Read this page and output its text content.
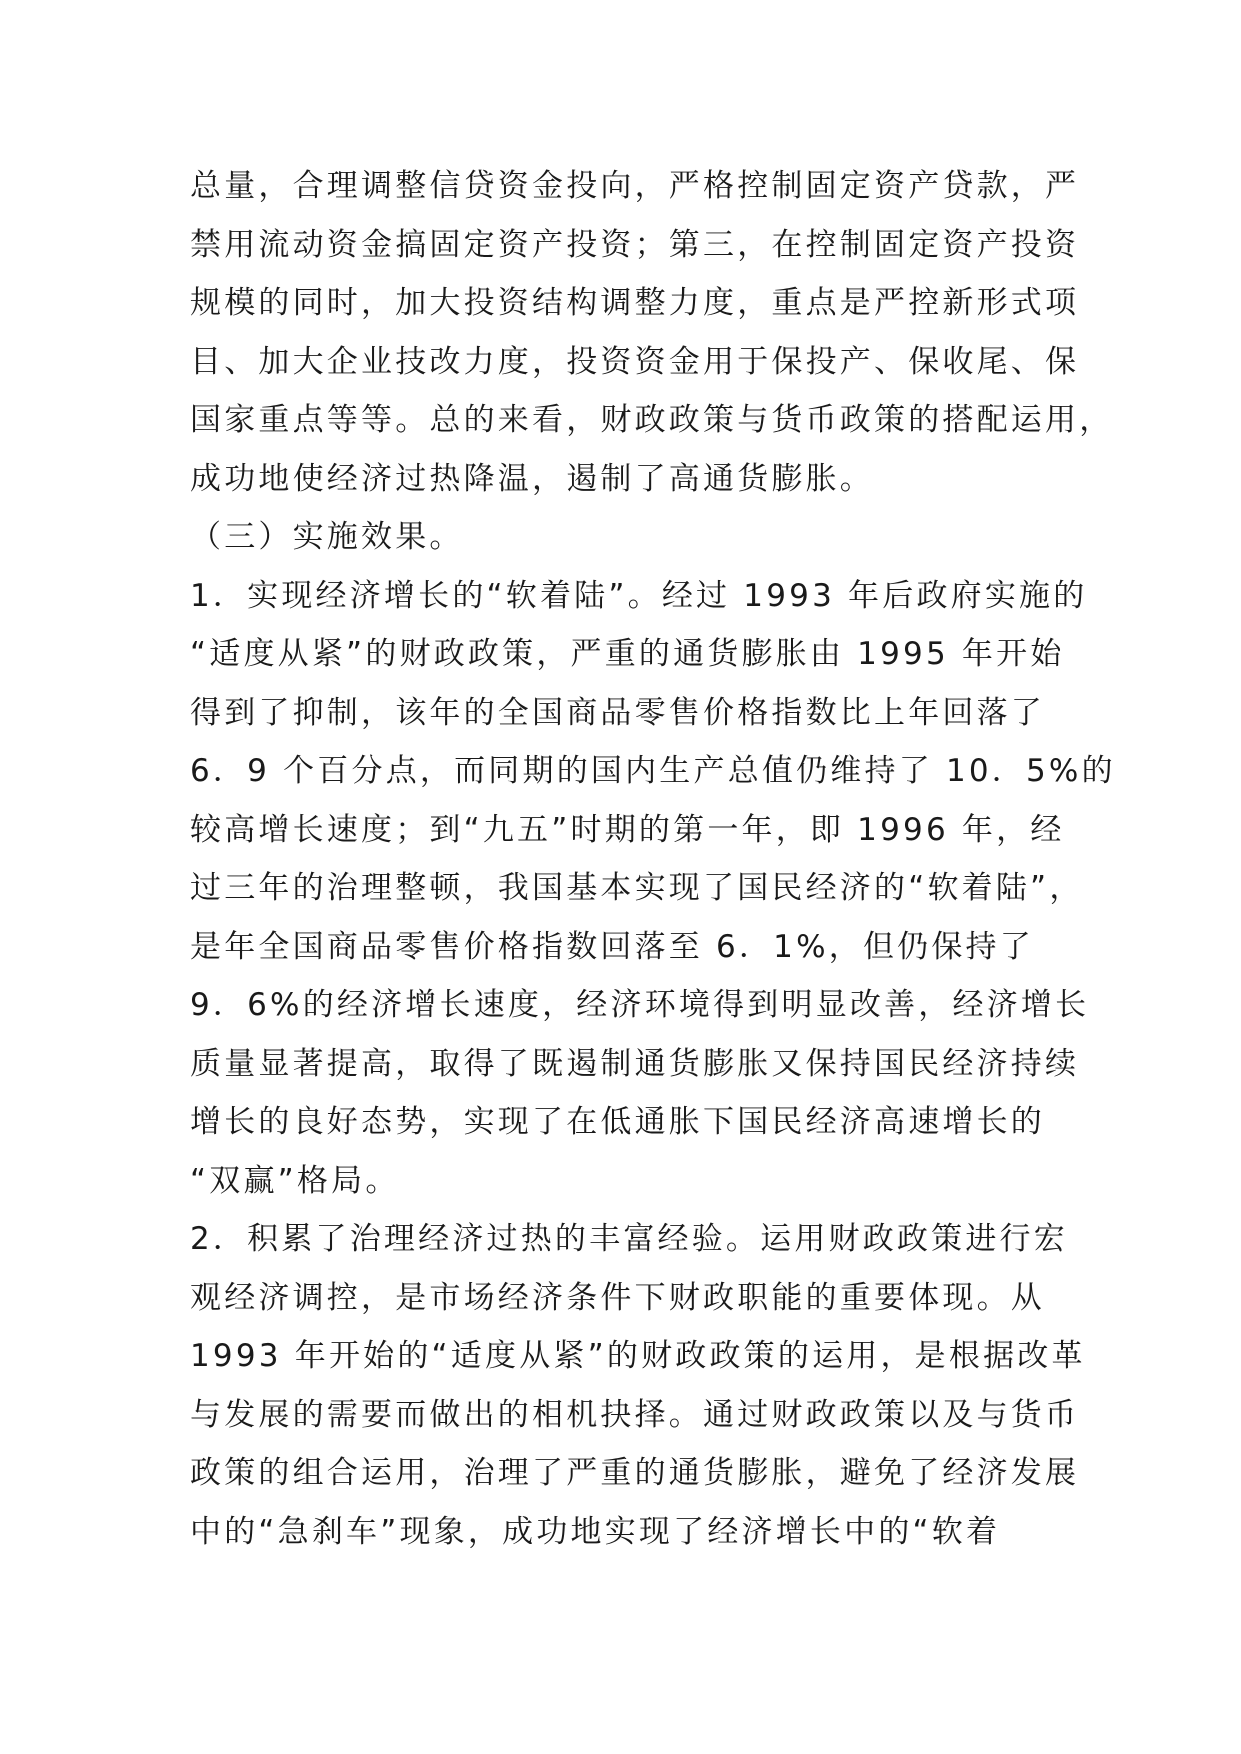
总量，合理调整信贷资金投向，严格控制固定资产贷款，严
禁用流动资金搞固定资产投资；第三，在控制固定资产投资
规模的同时，加大投资结构调整力度，重点是严控新形式项
目、加大企业技改力度，投资资金用于保投产、保收尾、保
国家重点等等。总的来看，财政政策与货币政策的搭配运用，
成功地使经济过热降温，遏制了高通货膨胀。
（三）实施效果。
1．实现经济增长的“软着陆”。经过 1993 年后政府实施的
“适度从紧”的财政政策，严重的通货膨胀由 1995 年开始
得到了抑制，该年的全国商品零售价格指数比上年回落了
6．9 个百分点，而同期的国内生产总值仍维持了 10．5%的
较高增长速度；到“九五”时期的第一年，即 1996 年，经
过三年的治理整顿，我国基本实现了国民经济的“软着陆”，
是年全国商品零售价格指数回落至 6．1%，但仍保持了
9．6%的经济增长速度，经济环境得到明显改善，经济增长
质量显著提高，取得了既遏制通货膨胀又保持国民经济持续
增长的良好态势，实现了在低通胀下国民经济高速增长的
“双赢”格局。
2．积累了治理经济过热的丰富经验。运用财政政策进行宏
观经济调控，是市场经济条件下财政职能的重要体现。从
1993 年开始的“适度从紧”的财政政策的运用，是根据改革
与发展的需要而做出的相机抉择。通过财政政策以及与货币
政策的组合运用，治理了严重的通货膨胀，避免了经济发展
中的“急刹车”现象，成功地实现了经济增长中的“软着
